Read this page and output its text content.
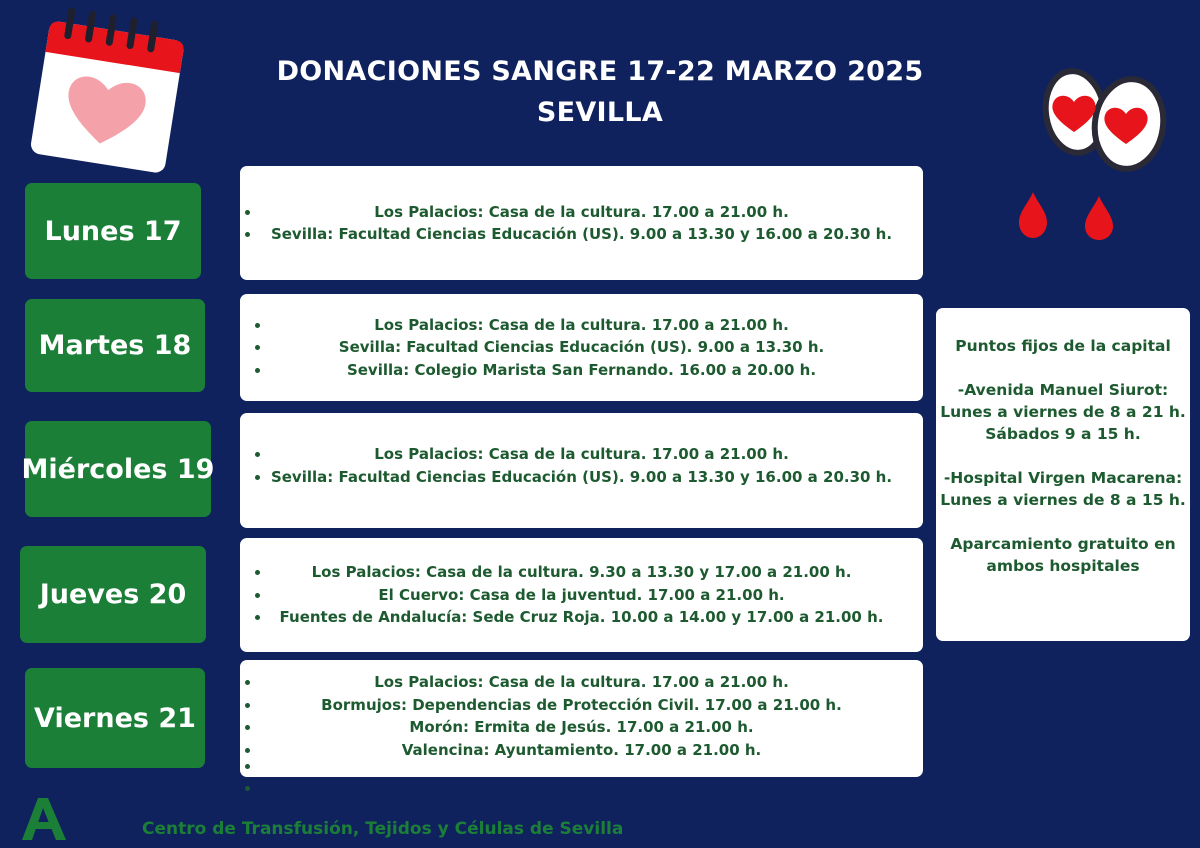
DONACIONES SANGRE 17-22 MARZO 2025
SEVILLA
Lunes 17
Martes 18
Miércoles 19
Jueves 20
Viernes 21
Los Palacios: Casa de la cultura. 17.00 a 21.00 h.
Sevilla: Facultad Ciencias Educación (US). 9.00 a 13.30 y 16.00 a 20.30 h.
Los Palacios: Casa de la cultura. 17.00 a 21.00 h.
Sevilla: Facultad Ciencias Educación (US). 9.00 a 13.30 h.
Sevilla: Colegio Marista San Fernando. 16.00 a 20.00 h.
Los Palacios: Casa de la cultura. 17.00 a 21.00 h.
Sevilla: Facultad Ciencias Educación (US). 9.00 a 13.30 y 16.00 a 20.30 h.
Los Palacios: Casa de la cultura. 9.30 a 13.30 y 17.00 a 21.00 h.
El Cuervo: Casa de la juventud. 17.00 a 21.00 h.
Fuentes de Andalucía: Sede Cruz Roja. 10.00 a 14.00 y 17.00 a 21.00 h.
Los Palacios: Casa de la cultura. 17.00 a 21.00 h.
Bormujos: Dependencias de Protección Civil. 17.00 a 21.00 h.
Morón: Ermita de Jesús. 17.00 a 21.00 h.
Valencina: Ayuntamiento. 17.00 a 21.00 h.
Puntos fijos de la capital
-Avenida Manuel Siurot:
Lunes a viernes de 8 a 21 h.
Sábados 9 a 15 h.
-Hospital Virgen Macarena:
Lunes a viernes de 8 a 15 h.
Aparcamiento gratuito en
ambos hospitales
Centro de Transfusión, Tejidos y Células de Sevilla
